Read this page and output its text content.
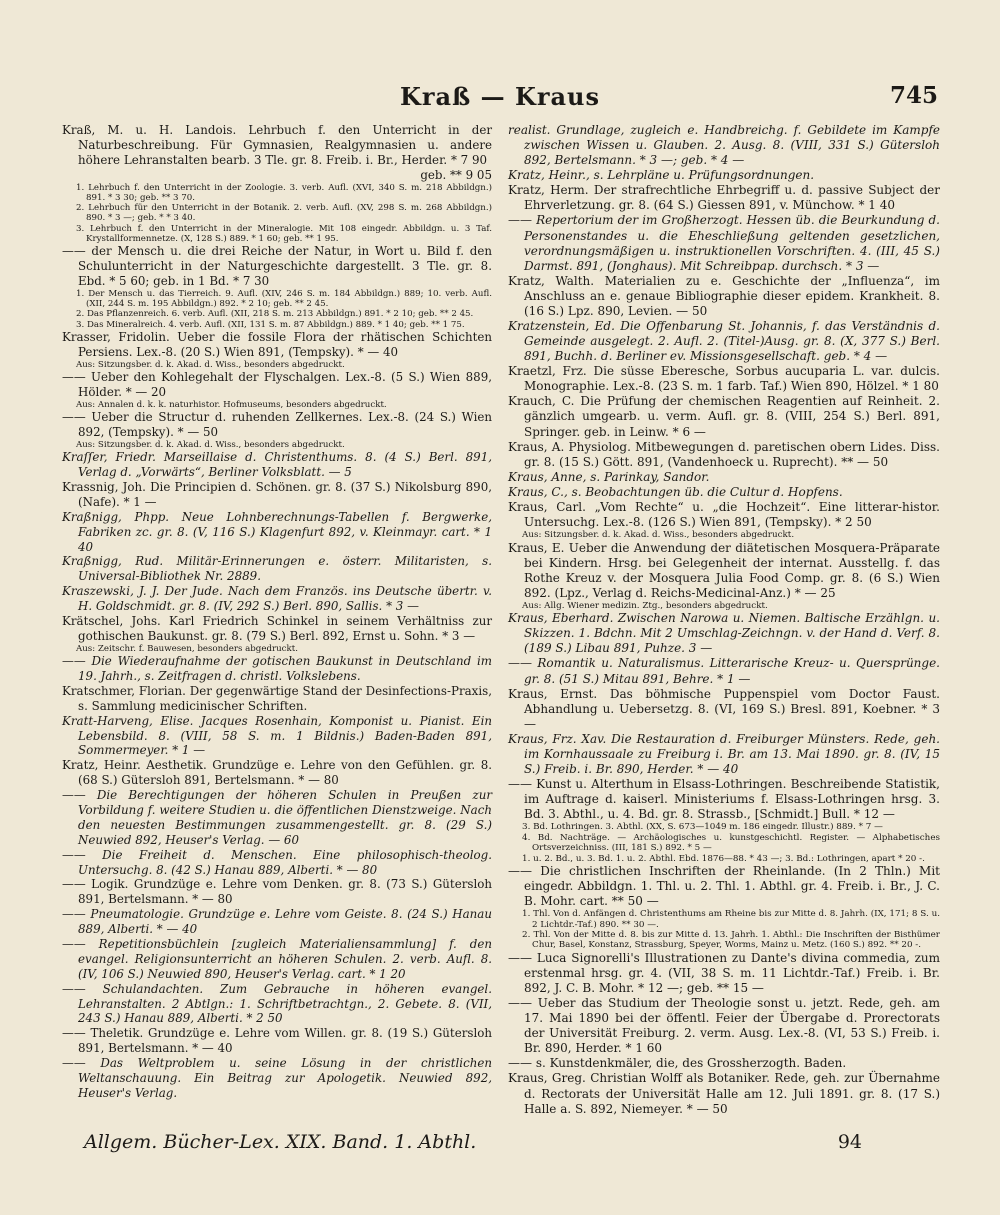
Kraß — Kraus	745

Kraß, M. u. H. Landois. Lehrbuch f. den Unterricht in der Naturbeschreibung. Für Gymnasien, Realgymnasien u. andere höhere Lehranstalten bearb. 3 Tle. gr. 8. Freib. i. Br., Herder. * 7 90

geb. ** 9 05

1. Lehrbuch f. den Unterricht in der Zoologie. 3. verb. Aufl. (XVI, 340 S. m. 218 Abbildgn.) 891. * 3 30; geb. ** 3 70.

2. Lehrbuch für den Unterricht in der Botanik. 2. verb. Aufl. (XV, 298 S. m. 268 Abbildgn.) 890. * 3 —; geb. * * 3 40.

3. Lehrbuch f. den Unterricht in der Mineralogie. Mit 108 eingedr. Abbildgn. u. 3 Taf. Krystallformennetze. (X, 128 S.) 889. * 1 60; geb. ** 1 95.

—— der Mensch u. die drei Reiche der Natur, in Wort u. Bild f. den Schulunterricht in der Naturgeschichte dargestellt. 3 Tle. gr. 8. Ebd. * 5 60; geb. in 1 Bd. * 7 30

1. Der Mensch u. das Tierreich. 9. Aufl. (XIV, 246 S. m. 184 Abbildgn.) 889; 10. verb. Aufl. (XII, 244 S. m. 195 Abbildgn.) 892. * 2 10; geb. ** 2 45.

2. Das Pflanzenreich. 6. verb. Aufl. (XII, 218 S. m. 213 Abbildgn.) 891. * 2 10; geb. ** 2 45.

3. Das Mineralreich. 4. verb. Aufl. (XII, 131 S. m. 87 Abbildgn.) 889. * 1 40; geb. ** 1 75.

Krasser, Fridolin. Ueber die fossile Flora der rhätischen Schichten Persiens. Lex.-8. (20 S.) Wien 891, (Tempsky). * — 40

Aus: Sitzungsber. d. k. Akad. d. Wiss., besonders abgedruckt.

—— Ueber den Kohlegehalt der Flyschalgen. Lex.-8. (5 S.) Wien 889, Hölder. * — 20

Aus: Annalen d. k. k. naturhistor. Hofmuseums, besonders abgedruckt.

—— Ueber die Structur d. ruhenden Zellkernes. Lex.-8. (24 S.) Wien 892, (Tempsky). * — 50

Aus: Sitzungsber. d. k. Akad. d. Wiss., besonders abgedruckt.

Kraſſer, Friedr. Marseillaise d. Christenthums. 8. (4 S.) Berl. 891, Verlag d. „Vorwärts“, Berliner Volksblatt. — 5

Krassnig, Joh. Die Principien d. Schönen. gr. 8. (37 S.) Nikolsburg 890, (Nafe). * 1 —

Kraßnigg, Phpp. Neue Lohnberechnungs-Tabellen f. Bergwerke, Fabriken zc. gr. 8. (V, 116 S.) Klagenfurt 892, v. Kleinmayr. cart. * 1 40

Kraßnigg, Rud. Militär-Erinnerungen e. österr. Militaristen, s. Universal-Bibliothek Nr. 2889.

Kraszewski, J. J. Der Jude. Nach dem Französ. ins Deutsche übertr. v. H. Goldschmidt. gr. 8. (IV, 292 S.) Berl. 890, Sallis. * 3 —

Krätschel, Johs. Karl Friedrich Schinkel in seinem Verhältniss zur gothischen Baukunst. gr. 8. (79 S.) Berl. 892, Ernst u. Sohn. * 3 —

Aus: Zeitschr. f. Bauwesen, besonders abgedruckt.

—— Die Wiederaufnahme der gotischen Baukunst in Deutschland im 19. Jahrh., s. Zeitfragen d. christl. Volkslebens.

Kratschmer, Florian. Der gegenwärtige Stand der Desinfections-Praxis, s. Sammlung medicinischer Schriften.

Kratt-Harveng, Elise. Jacques Rosenhain, Komponist u. Pianist. Ein Lebensbild. 8. (VIII, 58 S. m. 1 Bildnis.) Baden-Baden 891, Sommermeyer. * 1 —

Kratz, Heinr. Aesthetik. Grundzüge e. Lehre von den Gefühlen. gr. 8. (68 S.) Gütersloh 891, Bertelsmann. * — 80

—— Die Berechtigungen der höheren Schulen in Preußen zur Vorbildung f. weitere Studien u. die öffentlichen Dienstzweige. Nach den neuesten Bestimmungen zusammengestellt. gr. 8. (29 S.) Neuwied 892, Heuser's Verlag. — 60

—— Die Freiheit d. Menschen. Eine philosophisch-theolog. Untersuchg. 8. (42 S.) Hanau 889, Alberti. * — 80

—— Logik. Grundzüge e. Lehre vom Denken. gr. 8. (73 S.) Gütersloh 891, Bertelsmann. * — 80

—— Pneumatologie. Grundzüge e. Lehre vom Geiste. 8. (24 S.) Hanau 889, Alberti. * — 40

—— Repetitionsbüchlein [zugleich Materialiensammlung] f. den evangel. Religionsunterricht an höheren Schulen. 2. verb. Aufl. 8. (IV, 106 S.) Neuwied 890, Heuser's Verlag. cart. * 1 20

—— Schulandachten. Zum Gebrauche in höheren evangel. Lehranstalten. 2 Abtlgn.: 1. Schriftbetrachtgn., 2. Gebete. 8. (VII, 243 S.) Hanau 889, Alberti. * 2 50

—— Theletik. Grundzüge e. Lehre vom Willen. gr. 8. (19 S.) Gütersloh 891, Bertelsmann. * — 40

—— Das Weltproblem u. seine Lösung in der christlichen Weltanschauung. Ein Beitrag zur Apologetik. Neuwied 892, Heuser's Verlag.

realist. Grundlage, zugleich e. Handbreichg. f. Gebildete im Kampfe zwischen Wissen u. Glauben. 2. Ausg. 8. (VIII, 331 S.) Gütersloh 892, Bertelsmann. * 3 —; geb. * 4 —

Kratz, Heinr., s. Lehrpläne u. Prüfungsordnungen.

Kratz, Herm. Der strafrechtliche Ehrbegriff u. d. passive Subject der Ehrverletzung. gr. 8. (64 S.) Giessen 891, v. Münchow. * 1 40

—— Repertorium der im Großherzogt. Hessen üb. die Beurkundung d. Personenstandes u. die Eheschließung geltenden gesetzlichen, verordnungsmäßigen u. instruktionellen Vorschriften. 4. (III, 45 S.) Darmst. 891, (Jonghaus). Mit Schreibpap. durchsch. * 3 —

Kratz, Walth. Materialien zu e. Geschichte der „Influenza“, im Anschluss an e. genaue Bibliographie dieser epidem. Krankheit. 8. (16 S.) Lpz. 890, Levien. — 50

Kratzenstein, Ed. Die Offenbarung St. Johannis, f. das Verständnis d. Gemeinde ausgelegt. 2. Aufl. 2. (Titel-)Ausg. gr. 8. (X, 377 S.) Berl. 891, Buchh. d. Berliner ev. Missionsgesellschaft. geb. * 4 —

Kraetzl, Frz. Die süsse Eberesche, Sorbus aucuparia L. var. dulcis. Monographie. Lex.-8. (23 S. m. 1 farb. Taf.) Wien 890, Hölzel. * 1 80

Krauch, C. Die Prüfung der chemischen Reagentien auf Reinheit. 2. gänzlich umgearb. u. verm. Aufl. gr. 8. (VIII, 254 S.) Berl. 891, Springer. geb. in Leinw. * 6 —

Kraus, A. Physiolog. Mitbewegungen d. paretischen obern Lides. Diss. gr. 8. (15 S.) Gött. 891, (Vandenhoeck u. Ruprecht). ** — 50

Kraus, Anne, s. Parinkay, Sandor.

Kraus, C., s. Beobachtungen üb. die Cultur d. Hopfens.

Kraus, Carl. „Vom Rechte“ u. „die Hochzeit“. Eine litterar-histor. Untersuchg. Lex.-8. (126 S.) Wien 891, (Tempsky). * 2 50

Aus: Sitzungsber. d. k. Akad. d. Wiss., besonders abgedruckt.

Kraus, E. Ueber die Anwendung der diätetischen Mosquera-Präparate bei Kindern. Hrsg. bei Gelegenheit der internat. Ausstellg. f. das Rothe Kreuz v. der Mosquera Julia Food Comp. gr. 8. (6 S.) Wien 892. (Lpz., Verlag d. Reichs-Medicinal-Anz.) * — 25

Aus: Allg. Wiener medizin. Ztg., besonders abgedruckt.

Kraus, Eberhard. Zwischen Narowa u. Niemen. Baltische Erzählgn. u. Skizzen. 1. Bdchn. Mit 2 Umschlag-Zeichngn. v. der Hand d. Verf. 8. (189 S.) Libau 891, Puhze. 3 —

—— Romantik u. Naturalismus. Litterarische Kreuz- u. Quersprünge. gr. 8. (51 S.) Mitau 891, Behre. * 1 —

Kraus, Ernst. Das böhmische Puppenspiel vom Doctor Faust. Abhandlung u. Uebersetzg. 8. (VI, 169 S.) Bresl. 891, Koebner. * 3 —

Kraus, Frz. Xav. Die Restauration d. Freiburger Münsters. Rede, geh. im Kornhaussaale zu Freiburg i. Br. am 13. Mai 1890. gr. 8. (IV, 15 S.) Freib. i. Br. 890, Herder. * — 40

—— Kunst u. Alterthum in Elsass-Lothringen. Beschreibende Statistik, im Auftrage d. kaiserl. Ministeriums f. Elsass-Lothringen hrsg. 3. Bd. 3. Abthl., u. 4. Bd. gr. 8. Strassb., [Schmidt.] Bull. * 12 —

3. Bd. Lothringen. 3. Abthl. (XX, S. 673—1049 m. 186 eingedr. Illustr.) 889. * 7 —

4. Bd. Nachträge. — Archäologisches u. kunstgeschichtl. Register. — Alphabetisches Ortsverzeichniss. (III, 181 S.) 892. * 5 —

1. u. 2. Bd., u. 3. Bd. 1. u. 2. Abthl. Ebd. 1876—88. * 43 —; 3. Bd.: Lothringen, apart * 20 -.

—— Die christlichen Inschriften der Rheinlande. (In 2 Thln.) Mit eingedr. Abbildgn. 1. Thl. u. 2. Thl. 1. Abthl. gr. 4. Freib. i. Br., J. C. B. Mohr. cart. ** 50 —

1. Thl. Von d. Anfängen d. Christenthums am Rheine bis zur Mitte d. 8. Jahrh. (IX, 171; 8 S. u. 2 Lichtdr.-Taf.) 890. ** 30 —.

2. Thl. Von der Mitte d. 8. bis zur Mitte d. 13. Jahrh. 1. Abthl.: Die Inschriften der Bisthümer Chur, Basel, Konstanz, Strassburg, Speyer, Worms, Mainz u. Metz. (160 S.) 892. ** 20 -.

—— Luca Signorelli's Illustrationen zu Dante's divina commedia, zum erstenmal hrsg. gr. 4. (VII, 38 S. m. 11 Lichtdr.-Taf.) Freib. i. Br. 892, J. C. B. Mohr. * 12 —; geb. ** 15 —

—— Ueber das Studium der Theologie sonst u. jetzt. Rede, geh. am 17. Mai 1890 bei der öffentl. Feier der Übergabe d. Prorectorats der Universität Freiburg. 2. verm. Ausg. Lex.-8. (VI, 53 S.) Freib. i. Br. 890, Herder. * 1 60

—— s. Kunstdenkmäler, die, des Grossherzogth. Baden.

Kraus, Greg. Christian Wolff als Botaniker. Rede, geh. zur Übernahme d. Rectorats der Universität Halle am 12. Juli 1891. gr. 8. (17 S.) Halle a. S. 892, Niemeyer. * — 50

Allgem. Bücher-Lex. XIX. Band. 1. Abthl.	94
